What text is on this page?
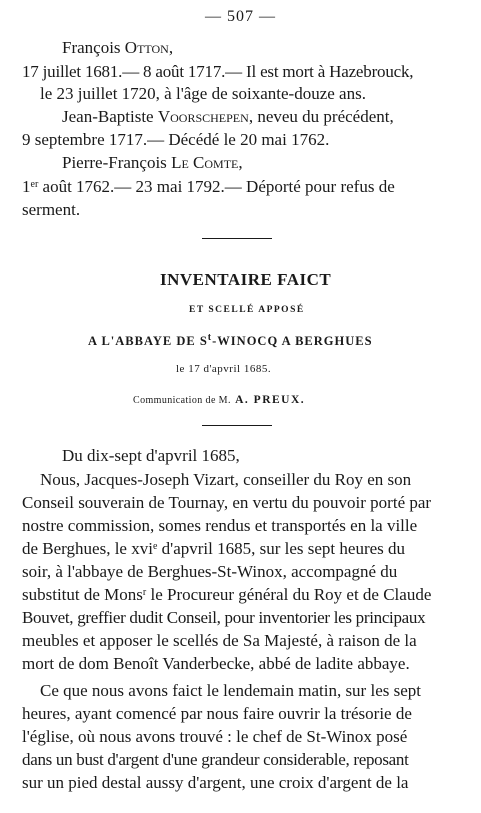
— 507 —
François Otton,
17 juillet 1681.— 8 août 1717.— Il est mort à Hazebrouck,
le 23 juillet 1720, à l'âge de soixante-douze ans.
Jean-Baptiste Voorschepen, neveu du précédent,
9 septembre 1717.— Décédé le 20 mai 1762.
Pierre-François Le Comte,
1er août 1762.— 23 mai 1792.— Déporté pour refus de
serment.
INVENTAIRE FAICT
ET SCELLÉ APPOSÉ
A L'ABBAYE DE $S^t$-WINOCQ A BERGHUES
le 17 d'apvril 1685.
Communication de M. A. PREUX.
Du dix-sept d'apvril 1685,
Nous, Jacques-Joseph Vizart, conseiller du Roy en son
Conseil souverain de Tournay, en vertu du pouvoir porté par
nostre commission, somes rendus et transportés en la ville
de Berghues, le xvi$^e$ d'apvril 1685, sur les sept heures du
soir, à l'abbaye de Berghues-St-Winox, accompagné du
substitut de Mons$^r$ le Procureur général du Roy et de Claude
Bouvet, greffier dudit Conseil, pour inventorier les principaux
meubles et apposer le scellés de Sa Majesté, à raison de la
mort de dom Benoît Vanderbecke, abbé de ladite abbaye.
Ce que nous avons faict le lendemain matin, sur les sept
heures, ayant comencé par nous faire ouvrir la trésorie de
l'église, où nous avons trouvé : le chef de St-Winox posé
dans un bust d'argent d'une grandeur considerable, reposant
sur un pied destal aussy d'argent, une croix d'argent de la
